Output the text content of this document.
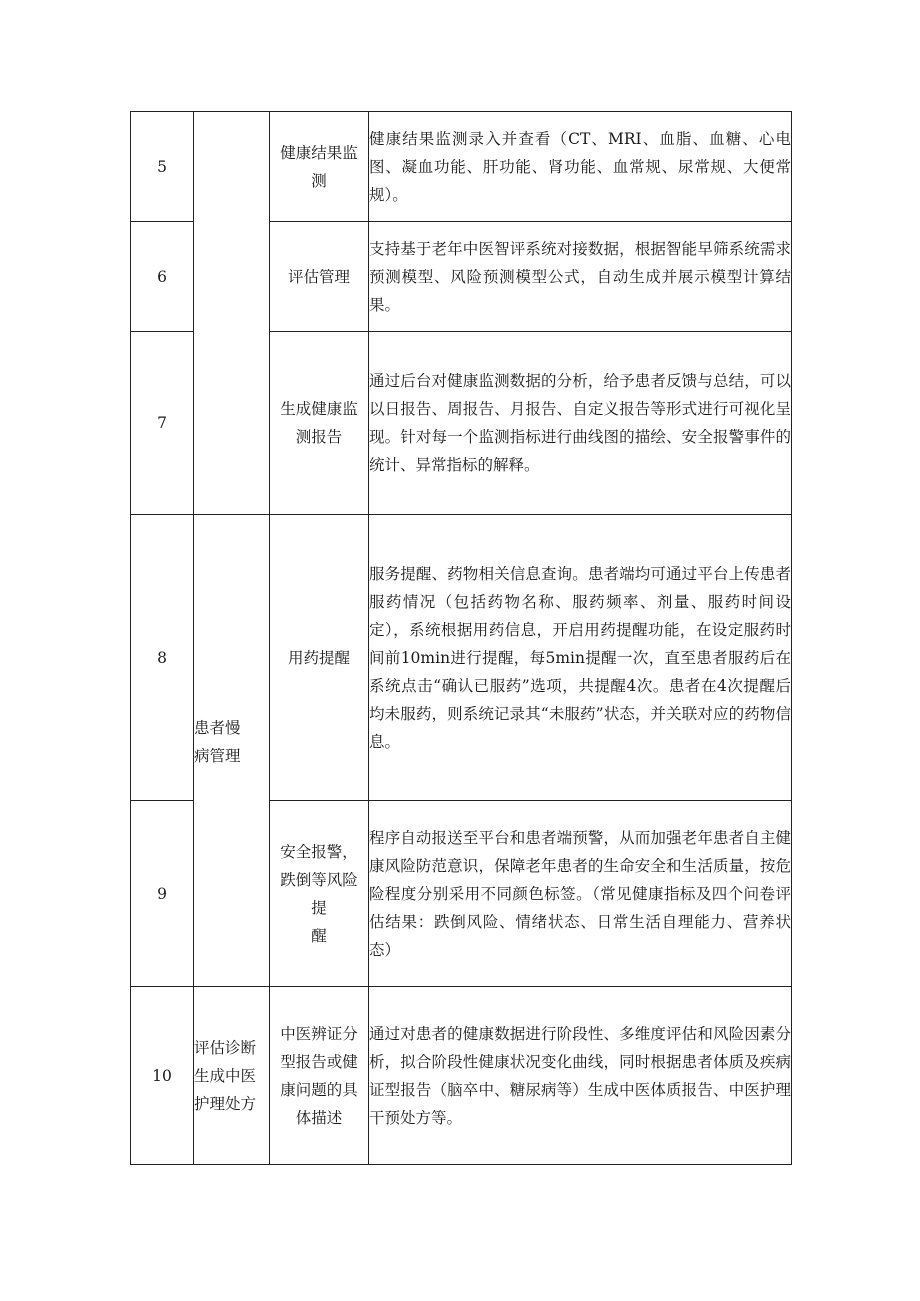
5		健康结果监
测	健康结果监测录入并查看（CT、MRI、血脂、血糖、心电图、凝血功能、肝功能、肾功能、血常规、尿常规、大便常规）。
6		评估管理	支持基于老年中医智评系统对接数据，根据智能早筛系统需求预测模型、风险预测模型公式，自动生成并展示模型计算结果。
7		生成健康监
测报告	通过后台对健康监测数据的分析，给予患者反馈与总结，可以以日报告、周报告、月报告、自定义报告等形式进行可视化呈现。针对每一个监测指标进行曲线图的描绘、安全报警事件的统计、异常指标的解释。
8	患者慢
病管理	用药提醒	服务提醒、药物相关信息查询。患者端均可通过平台上传患者服药情况（包括药物名称、服药频率、剂量、服药时间设定），系统根据用药信息，开启用药提醒功能，在设定服药时间前10min进行提醒，每5min提醒一次，直至患者服药后在系统点击“确认已服药”选项，共提醒4次。患者在4次提醒后均未服药，则系统记录其“未服药”状态，并关联对应的药物信息。
9		安全报警，
跌倒等风险
提
醒	程序自动报送至平台和患者端预警，从而加强老年患者自主健康风险防范意识，保障老年患者的生命安全和生活质量，按危险程度分别采用不同颜色标签。（常见健康指标及四个问卷评估结果：跌倒风险、情绪状态、日常生活自理能力、营养状态）
10	评估诊断
生成中医
护理处方	中医辨证分
型报告或健
康问题的具
体描述	通过对患者的健康数据进行阶段性、多维度评估和风险因素分析，拟合阶段性健康状况变化曲线，同时根据患者体质及疾病证型报告（脑卒中、糖尿病等）生成中医体质报告、中医护理干预处方等。
